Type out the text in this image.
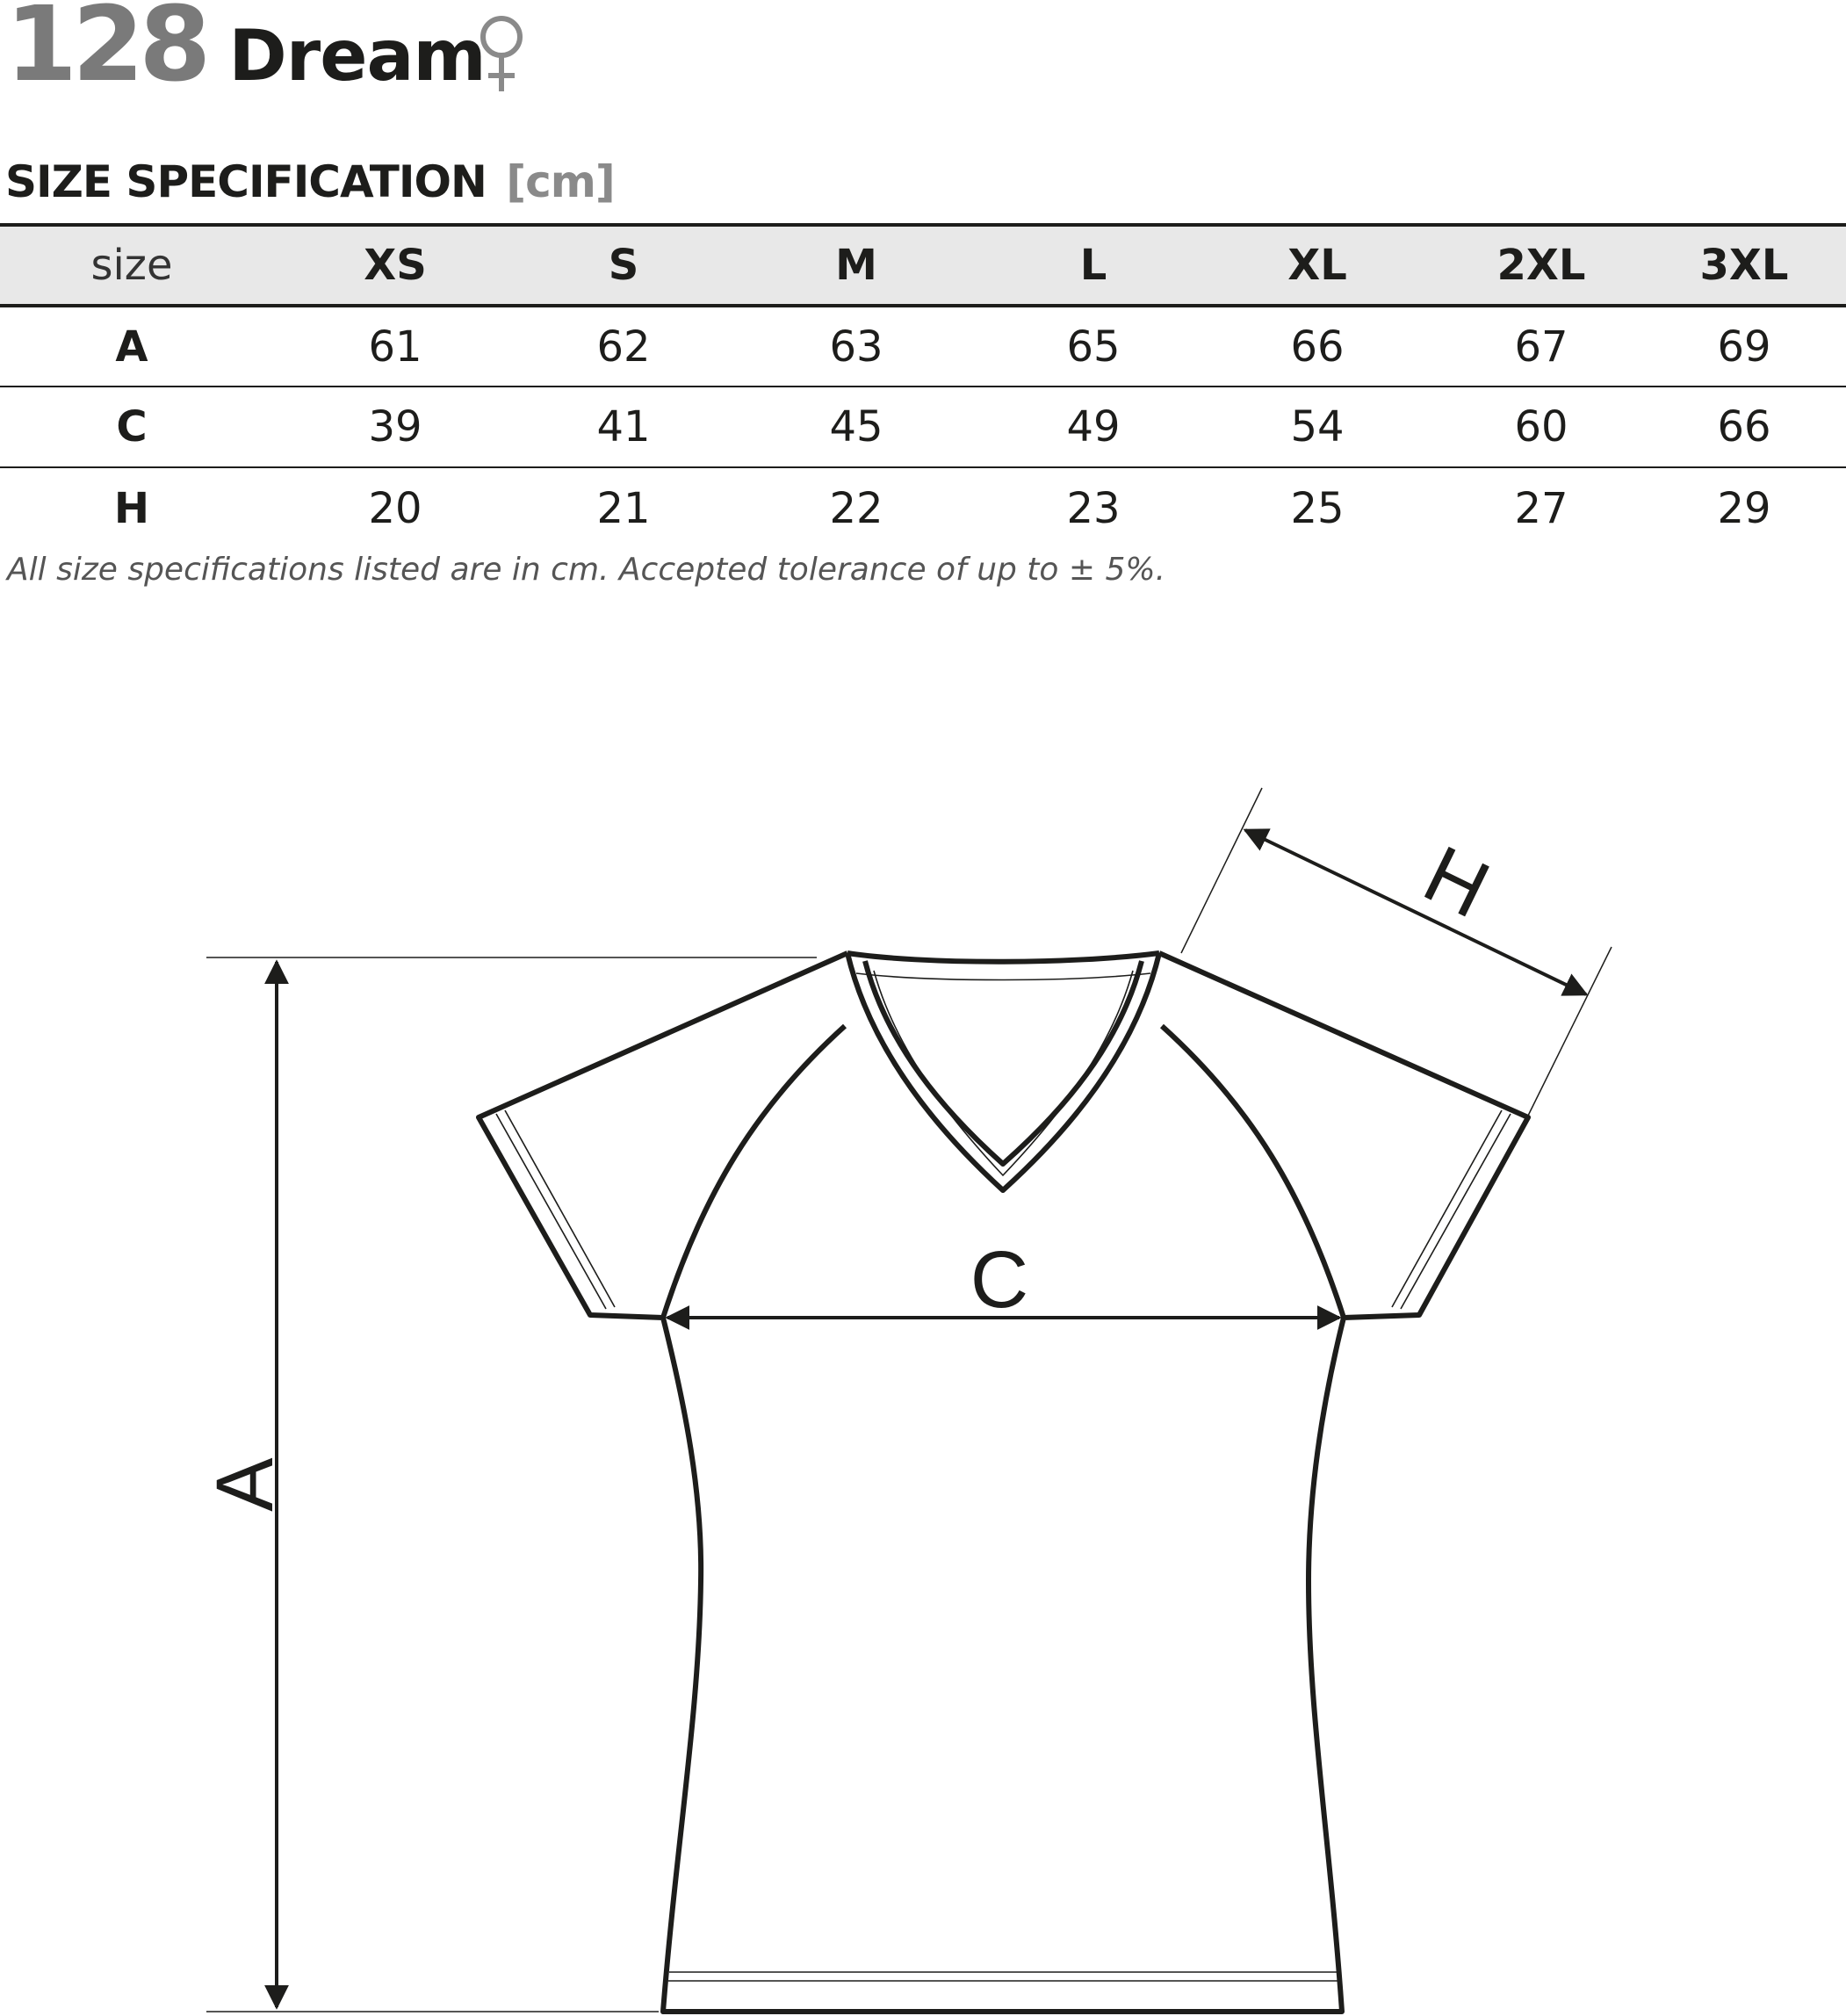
128 Dream
SIZE SPECIFICATION [cm]
size	XS	S	M	L	XL	2XL	3XL
A	61	62	63	65	66	67	69
C	39	41	45	49	54	60	66
H	20	21	22	23	25	27	29
All size specifications listed are in cm. Accepted tolerance of up to ± 5%.
A
C
H
